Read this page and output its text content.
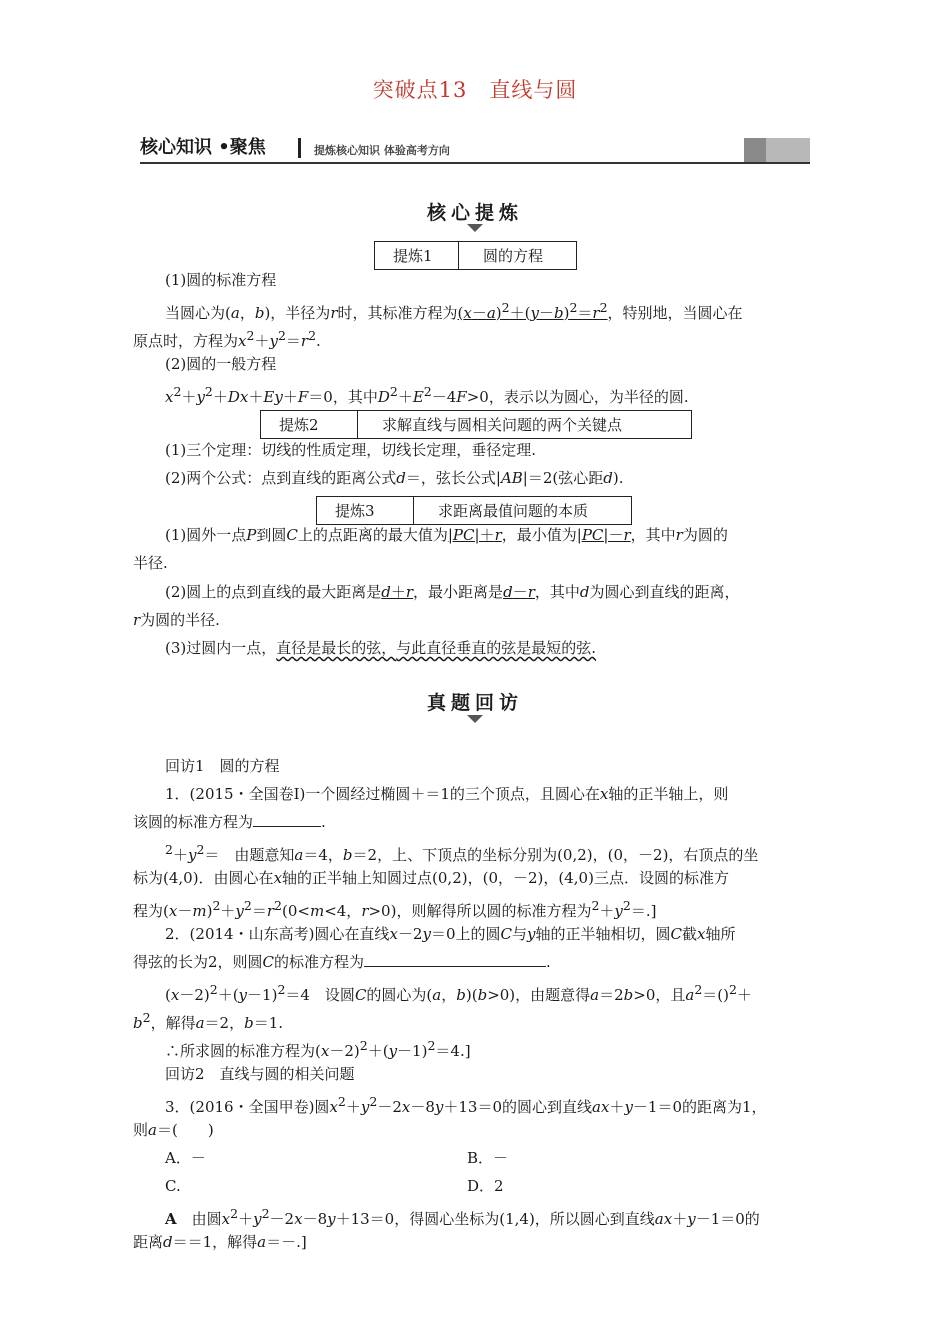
突破点13　直线与圆
核心知识 •聚焦	提炼核心知识 体验高考方向
核心提炼
提炼1	圆的方程
(1)圆的标准方程
当圆心为(a，b)，半径为r时，其标准方程为$(x-a)^2+(y-b)^2=r^2$，特别地，当圆心在
原点时，方程为$x^2+y^2=r^2$.
(2)圆的一般方程
$x^2+y^2+Dx+Ey+F=0$，其中$D^2+E^2-4F>0$，表示以为圆心，为半径的圆.
提炼2	求解直线与圆相关问题的两个关键点
(1)三个定理：切线的性质定理，切线长定理，垂径定理.
(2)两个公式：点到直线的距离公式d＝，弦长公式|AB|＝2(弦心距d).
提炼3	求距离最值问题的本质
(1)圆外一点P到圆C上的点距离的最大值为|PC|＋r，最小值为|PC|－r，其中r为圆的
半径.
(2)圆上的点到直线的最大距离是d＋r，最小距离是d－r，其中d为圆心到直线的距离，
r为圆的半径.
(3)过圆内一点，直径是最长的弦，与此直径垂直的弦是最短的弦.
真题回访
回访1　圆的方程
1．(2015・全国卷Ⅰ)一个圆经过椭圆＋＝1的三个顶点，且圆心在x轴的正半轴上，则
该圆的标准方程为	.
$^2+y^2=$　由题意知a＝4，b＝2，上、下顶点的坐标分别为(0,2)，(0，－2)，右顶点的坐
标为(4,0)．由圆心在x轴的正半轴上知圆过点(0,2)，(0，－2)，(4,0)三点．设圆的标准方
程为$(x-m)^2+y^2=r^2(0<m<4$，r>0)，则解得所以圆的标准方程为$^2+y^2=$.]
2．(2014・山东高考)圆心在直线x－2y＝0上的圆C与y轴的正半轴相切，圆C截x轴所
得弦的长为2，则圆C的标准方程为	.
$(x-2)^2+(y-1)^2=4$　设圆C的圆心为(a，b)(b>0)，由题意得a＝2b>0，且$a^2=()^2+$
$b^2$，解得a＝2，b＝1.
∴所求圆的标准方程为$(x-2)^2+(y-1)^2=4$.]
回访2　直线与圆的相关问题
3．(2016・全国甲卷)圆$x^2+y^2-2x-8y+13=0$的圆心到直线ax＋y－1＝0的距离为1，
则a＝(　　)
A．－	B．－
C.	D．2
A　 由圆$x^2+y^2-2x-8y+13=0$，得圆心坐标为(1,4)，所以圆心到直线ax＋y－1＝0的
距离d＝＝1，解得a＝－.]
